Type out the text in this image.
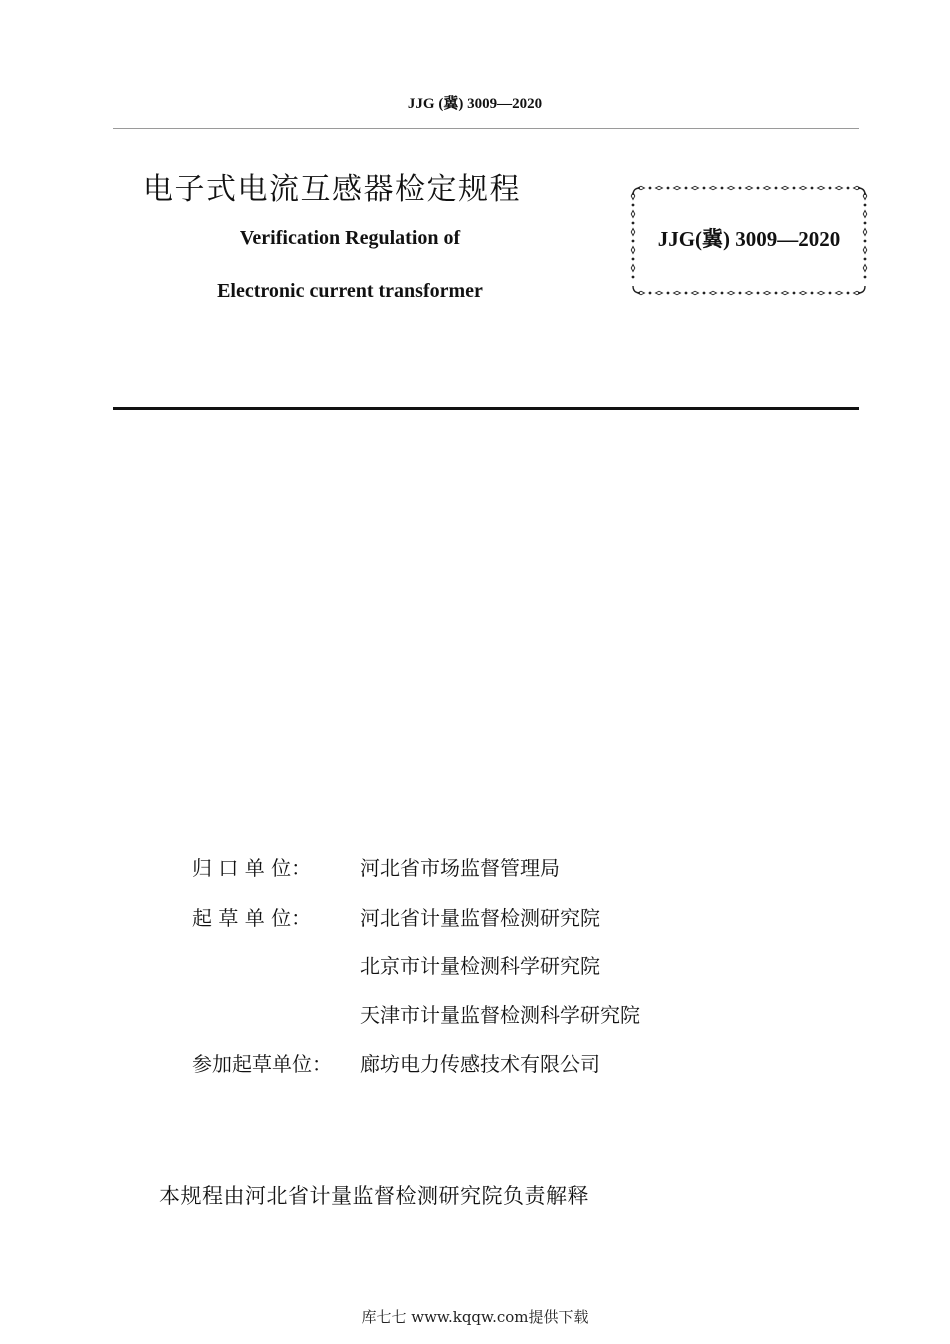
JJG (冀) 3009—2020
电子式电流互感器检定规程
Verification Regulation of
Electronic current transformer
JJG(冀) 3009—2020
归 口 单 位： 河北省市场监督管理局
起 草 单 位： 河北省计量监督检测研究院
北京市计量检测科学研究院
天津市计量监督检测科学研究院
参加起草单位： 廊坊电力传感技术有限公司
本规程由河北省计量监督检测研究院负责解释
库七七 www.kqqw.com提供下载
